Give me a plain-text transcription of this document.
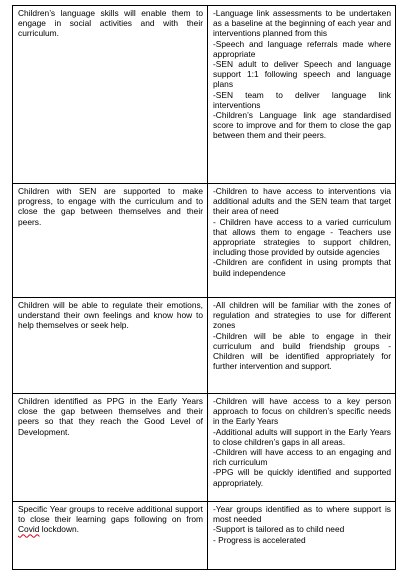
Children’s language skills will enable them to engage in social activities and with their curriculum.	-Language link assessments to be undertaken as a baseline at the beginning of each year and interventions planned from this
-Speech and language referrals made where appropriate
-SEN adult to deliver Speech and language support 1:1 following speech and language plans
-SEN team to deliver language link interventions
-Children’s Language link age standardised score to improve and for them to close the gap between them and their peers.

Children with SEN are supported to make progress, to engage with the curriculum and to close the gap between themselves and their peers.	-Children to have access to interventions via additional adults and the SEN team that target their area of need
- Children have access to a varied curriculum that allows them to engage - Teachers use appropriate strategies to support children, including those provided by outside agencies
-Children are confident in using prompts that build independence

Children will be able to regulate their emotions, understand their own feelings and know how to help themselves or seek help.	-All children will be familiar with the zones of regulation and strategies to use for different zones
-Children will be able to engage in their curriculum and build friendship groups - Children will be identified appropriately for further intervention and support.

Children identified as PPG in the Early Years close the gap between themselves and their peers so that they reach the Good Level of Development.	-Children will have access to a key person approach to focus on children’s specific needs in the Early Years
-Additional adults will support in the Early Years to close children’s gaps in all areas.
-Children will have access to an engaging and rich curriculum
-PPG will be quickly identified and supported appropriately.

Specific Year groups to receive additional support to close their learning gaps following on from Covid lockdown.	-Year groups identified as to where support is most needed
-Support is tailored as to child need
- Progress is accelerated
